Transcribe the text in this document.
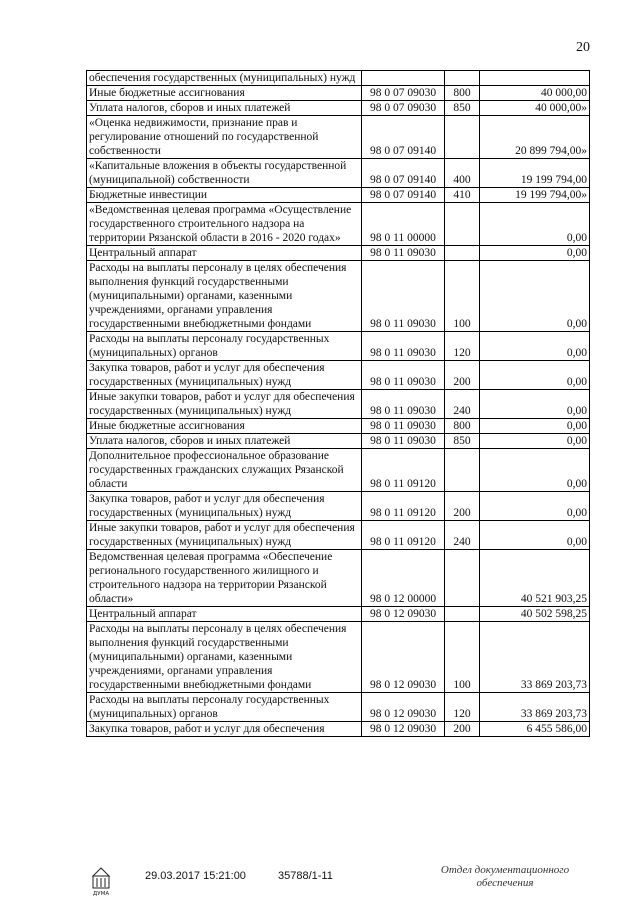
20
обеспечения государственных (муниципальных) нужд			
Иные бюджетные ассигнования	98 0 07 09030	800	40 000,00
Уплата налогов, сборов и иных платежей	98 0 07 09030	850	40 000,00»
«Оценка недвижимости, признание прав и регулирование отношений по государственной собственности	98 0 07 09140		20 899 794,00»
«Капитальные вложения в объекты государственной (муниципальной) собственности	98 0 07 09140	400	19 199 794,00
Бюджетные инвестиции	98 0 07 09140	410	19 199 794,00»
«Ведомственная целевая программа «Осуществление государственного строительного надзора на территории Рязанской области в 2016 - 2020 годах»	98 0 11 00000		0,00
Центральный аппарат	98 0 11 09030		0,00
Расходы на выплаты персоналу в целях обеспечения выполнения функций государственными (муниципальными) органами, казенными учреждениями, органами управления государственными внебюджетными фондами	98 0 11 09030	100	0,00
Расходы на выплаты персоналу государственных (муниципальных) органов	98 0 11 09030	120	0,00
Закупка товаров, работ и услуг для обеспечения государственных (муниципальных) нужд	98 0 11 09030	200	0,00
Иные закупки товаров, работ и услуг для обеспечения государственных (муниципальных) нужд	98 0 11 09030	240	0,00
Иные бюджетные ассигнования	98 0 11 09030	800	0,00
Уплата налогов, сборов и иных платежей	98 0 11 09030	850	0,00
Дополнительное профессиональное образование государственных гражданских служащих Рязанской области	98 0 11 09120		0,00
Закупка товаров, работ и услуг для обеспечения государственных (муниципальных) нужд	98 0 11 09120	200	0,00
Иные закупки товаров, работ и услуг для обеспечения государственных (муниципальных) нужд	98 0 11 09120	240	0,00
Ведомственная целевая программа «Обеспечение регионального государственного жилищного и строительного надзора на территории Рязанской области»	98 0 12 00000		40 521 903,25
Центральный аппарат	98 0 12 09030		40 502 598,25
Расходы на выплаты персоналу в целях обеспечения выполнения функций государственными (муниципальными) органами, казенными учреждениями, органами управления государственными внебюджетными фондами	98 0 12 09030	100	33 869 203,73
Расходы на выплаты персоналу государственных (муниципальных) органов	98 0 12 09030	120	33 869 203,73
Закупка товаров, работ и услуг для обеспечения	98 0 12 09030	200	6 455 586,00
ДУМА
29.03.2017 15:21:00	35788/1-11	Отдел документационного обеспечения
